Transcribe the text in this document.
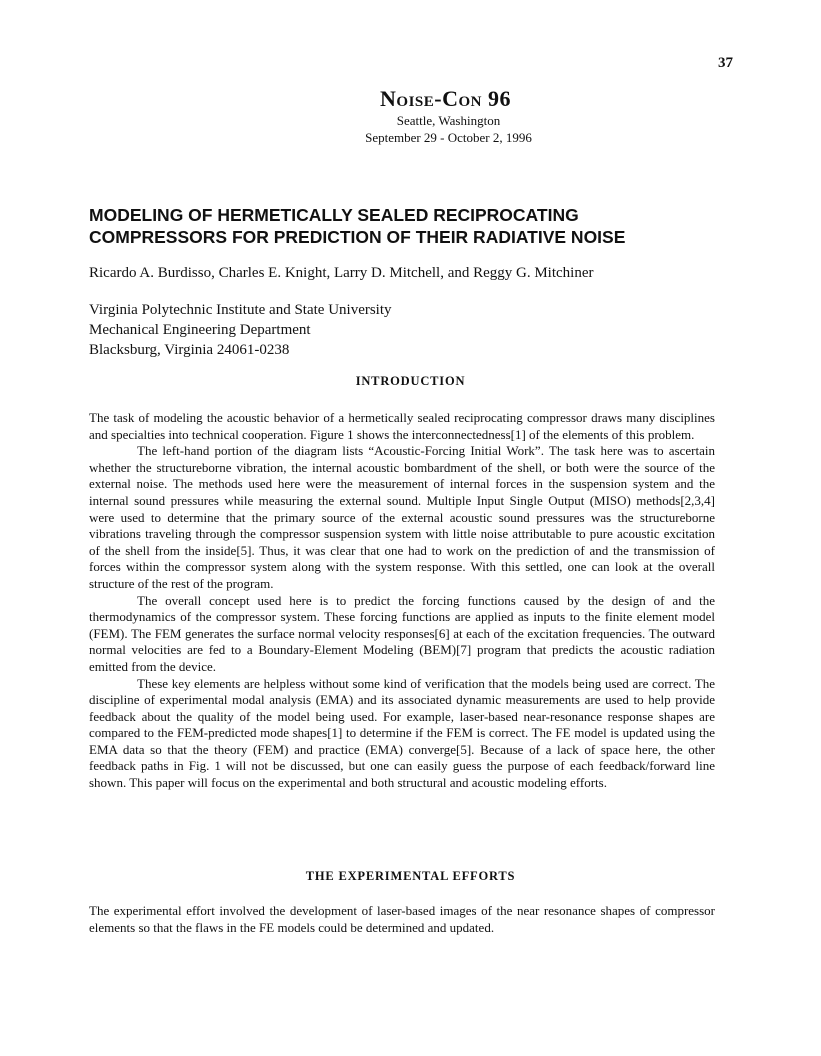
37
Noise-Con 96
Seattle, Washington
September 29 - October 2, 1996
MODELING OF HERMETICALLY SEALED RECIPROCATING
COMPRESSORS FOR PREDICTION OF THEIR RADIATIVE NOISE
Ricardo A. Burdisso, Charles E. Knight, Larry D. Mitchell, and Reggy G. Mitchiner
Virginia Polytechnic Institute and State University
Mechanical Engineering Department
Blacksburg, Virginia 24061-0238
INTRODUCTION

The task of modeling the acoustic behavior of a hermetically sealed reciprocating compressor draws many disciplines and specialties into technical cooperation. Figure 1 shows the interconnectedness[1] of the elements of this problem.

The left-hand portion of the diagram lists “Acoustic-Forcing Initial Work”. The task here was to ascertain whether the structureborne vibration, the internal acoustic bombardment of the shell, or both were the source of the external noise. The methods used here were the measurement of internal forces in the suspension system and the internal sound pressures while measuring the external sound. Multiple Input Single Output (MISO) methods[2,3,4] were used to determine that the primary source of the external acoustic sound pressures was the structureborne vibrations traveling through the compressor suspension system with little noise attributable to pure acoustic excitation of the shell from the inside[5]. Thus, it was clear that one had to work on the prediction of and the transmission of forces within the compressor system along with the system response. With this settled, one can look at the overall structure of the rest of the program.

The overall concept used here is to predict the forcing functions caused by the design of and the thermodynamics of the compressor system. These forcing functions are applied as inputs to the finite element model (FEM). The FEM generates the surface normal velocity responses[6] at each of the excitation frequencies. The outward normal velocities are fed to a Boundary-Element Modeling (BEM)[7] program that predicts the acoustic radiation emitted from the device.

These key elements are helpless without some kind of verification that the models being used are correct. The discipline of experimental modal analysis (EMA) and its associated dynamic measurements are used to help provide feedback about the quality of the model being used. For example, laser-based near-resonance response shapes are compared to the FEM-predicted mode shapes[1] to determine if the FEM is correct. The FE model is updated using the EMA data so that the theory (FEM) and practice (EMA) converge[5]. Because of a lack of space here, the other feedback paths in Fig. 1 will not be discussed, but one can easily guess the purpose of each feedback/forward line shown. This paper will focus on the experimental and both structural and acoustic modeling efforts.

THE EXPERIMENTAL EFFORTS

The experimental effort involved the development of laser-based images of the near resonance shapes of compressor elements so that the flaws in the FE models could be determined and updated.
